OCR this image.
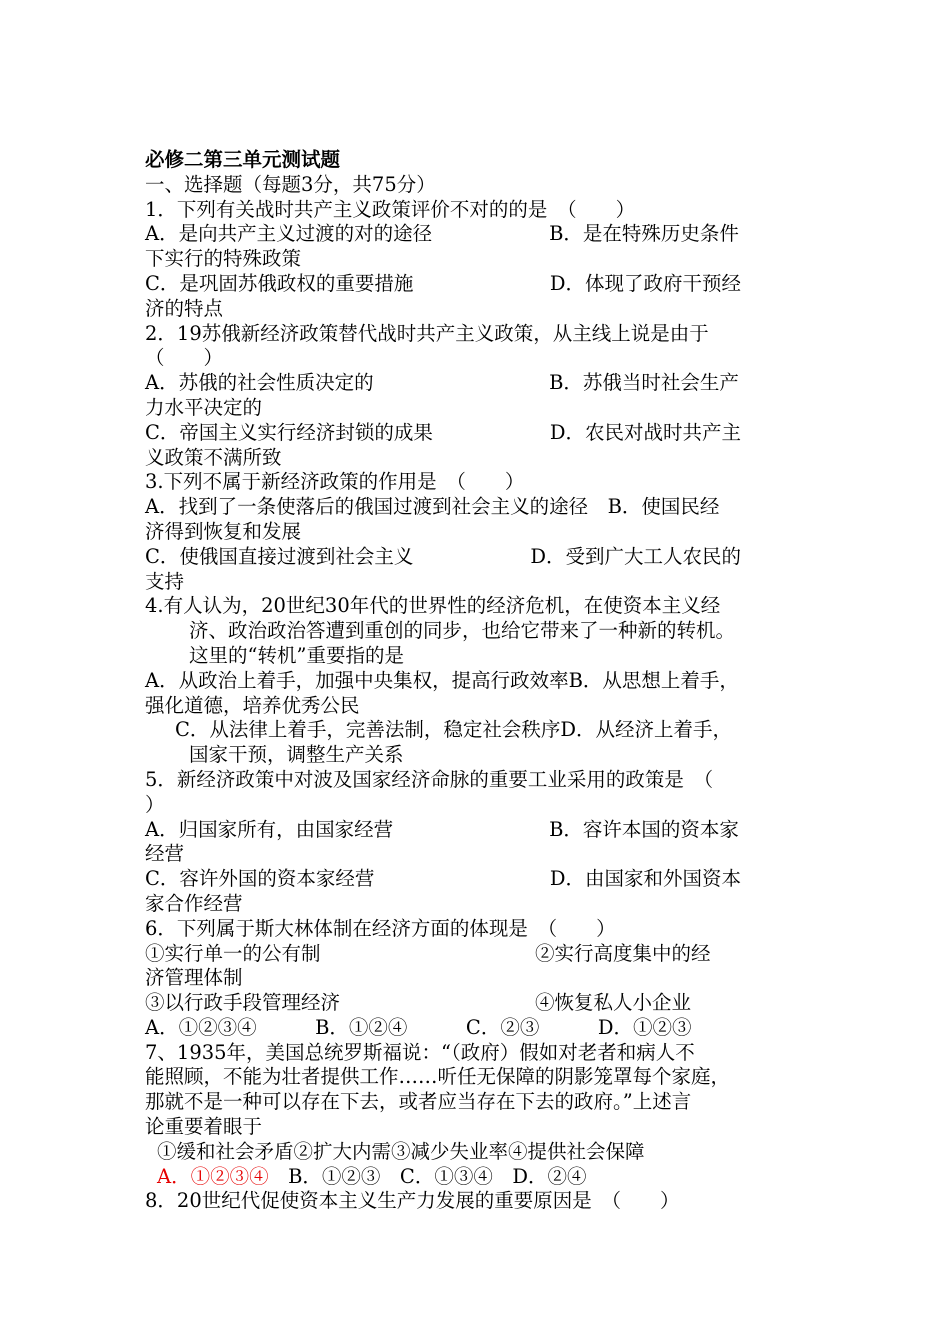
必修二第三单元测试题
一、选择题（每题3分，共75分）
1．下列有关战时共产主义政策评价不对的的是　（　　）
A．是向共产主义过渡的对的途径　　　　　　B．是在特殊历史条件
下实行的特殊政策
C．是巩固苏俄政权的重要措施　　　　　　　D．体现了政府干预经
济的特点
2．19苏俄新经济政策替代战时共产主义政策，从主线上说是由于
（　　）
A．苏俄的社会性质决定的　　　　　　　　　B．苏俄当时社会生产
力水平决定的
C．帝国主义实行经济封锁的成果　　　　　　D．农民对战时共产主
义政策不满所致
3.下列不属于新经济政策的作用是　（　　）
A．找到了一条使落后的俄国过渡到社会主义的途径　B．使国民经
济得到恢复和发展
C．使俄国直接过渡到社会主义　　　　　　D．受到广大工人农民的
支持
4.有人认为，20世纪30年代的世界性的经济危机，在使资本主义经
济、政治政治答遭到重创的同步，也给它带来了一种新的转机。
这里的“转机”重要指的是
A．从政治上着手，加强中央集权，提高行政效率B．从思想上着手，
强化道德，培养优秀公民
C．从法律上着手，完善法制，稳定社会秩序D．从经济上着手，
国家干预，调整生产关系
5．新经济政策中对波及国家经济命脉的重要工业采用的政策是　（
）
A．归国家所有，由国家经营　　　　　　　　B．容许本国的资本家
经营
C．容许外国的资本家经营　　　　　　　　　D．由国家和外国资本
家合作经营
6．下列属于斯大林体制在经济方面的体现是　（　　）
①实行单一的公有制　　　　　　　　　　　②实行高度集中的经
济管理体制
③以行政手段管理经济　　　　　　　　　　④恢复私人小企业
A．①②③④　　　B．①②④　　　C．②③　　　D．①②③
7、1935年，美国总统罗斯福说：“（政府）假如对老者和病人不
能照顾，不能为壮者提供工作……听任无保障的阴影笼罩每个家庭，
那就不是一种可以存在下去，或者应当存在下去的政府。”上述言
论重要着眼于
①缓和社会矛盾②扩大内需③减少失业率④提供社会保障
A．①②③④　B．①②③　C．①③④　D．②④
8．20世纪代促使资本主义生产力发展的重要原因是　（　　）
